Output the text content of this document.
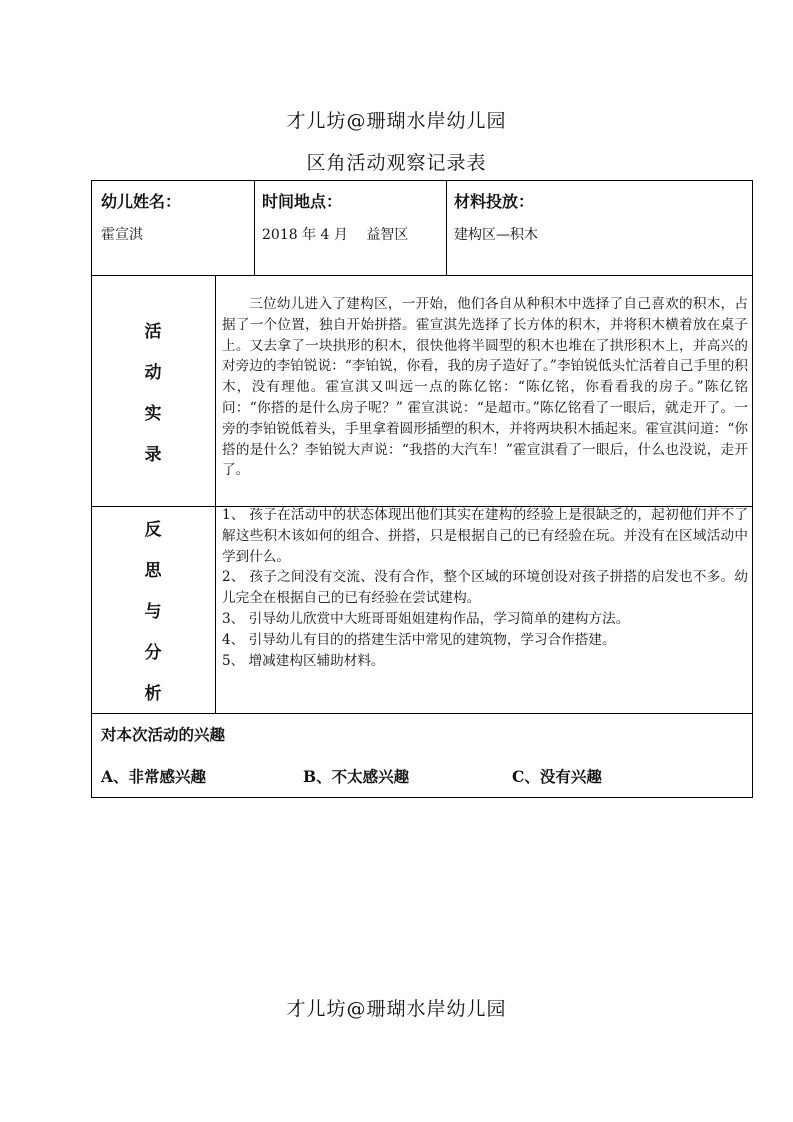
才儿坊@珊瑚水岸幼儿园
区角活动观察记录表
幼儿姓名：
霍宣淇
时间地点：
2018 年 4 月　 益智区
材料投放：
建构区—积木
活
动
实
录
三位幼儿进入了建构区，一开始，他们各自从种积木中选择了自己喜欢的积木，占据了一个位置，独自开始拼搭。霍宣淇先选择了长方体的积木，并将积木横着放在桌子上。又去拿了一块拱形的积木，很快他将半圆型的积木也堆在了拱形积木上，并高兴的对旁边的李铂锐说：“李铂锐，你看，我的房子造好了。”李铂锐低头忙活着自己手里的积木，没有理他。霍宣淇又叫远一点的陈亿铭：“陈亿铭，你看看我的房子。”陈亿铭问：“你搭的是什么房子呢？” 霍宣淇说：“是超市。”陈亿铭看了一眼后，就走开了。一旁的李铂锐低着头，手里拿着圆形插塑的积木，并将两块积木插起来。霍宣淇问道：“你搭的是什么？李铂锐大声说：“我搭的大汽车！”霍宣淇看了一眼后，什么也没说，走开了。
反
思
与
分
析
1、 孩子在活动中的状态体现出他们其实在建构的经验上是很缺乏的，起初他们并不了解这些积木该如何的组合、拼搭，只是根据自己的已有经验在玩。并没有在区域活动中学到什么。
2、 孩子之间没有交流、没有合作，整个区域的环境创设对孩子拼搭的启发也不多。幼儿完全在根据自己的已有经验在尝试建构。
3、 引导幼儿欣赏中大班哥哥姐姐建构作品，学习简单的建构方法。
4、 引导幼儿有目的的搭建生活中常见的建筑物，学习合作搭建。
5、 增减建构区辅助材料。
对本次活动的兴趣
A、非常感兴趣	B、不太感兴趣	C、没有兴趣
才儿坊@珊瑚水岸幼儿园
